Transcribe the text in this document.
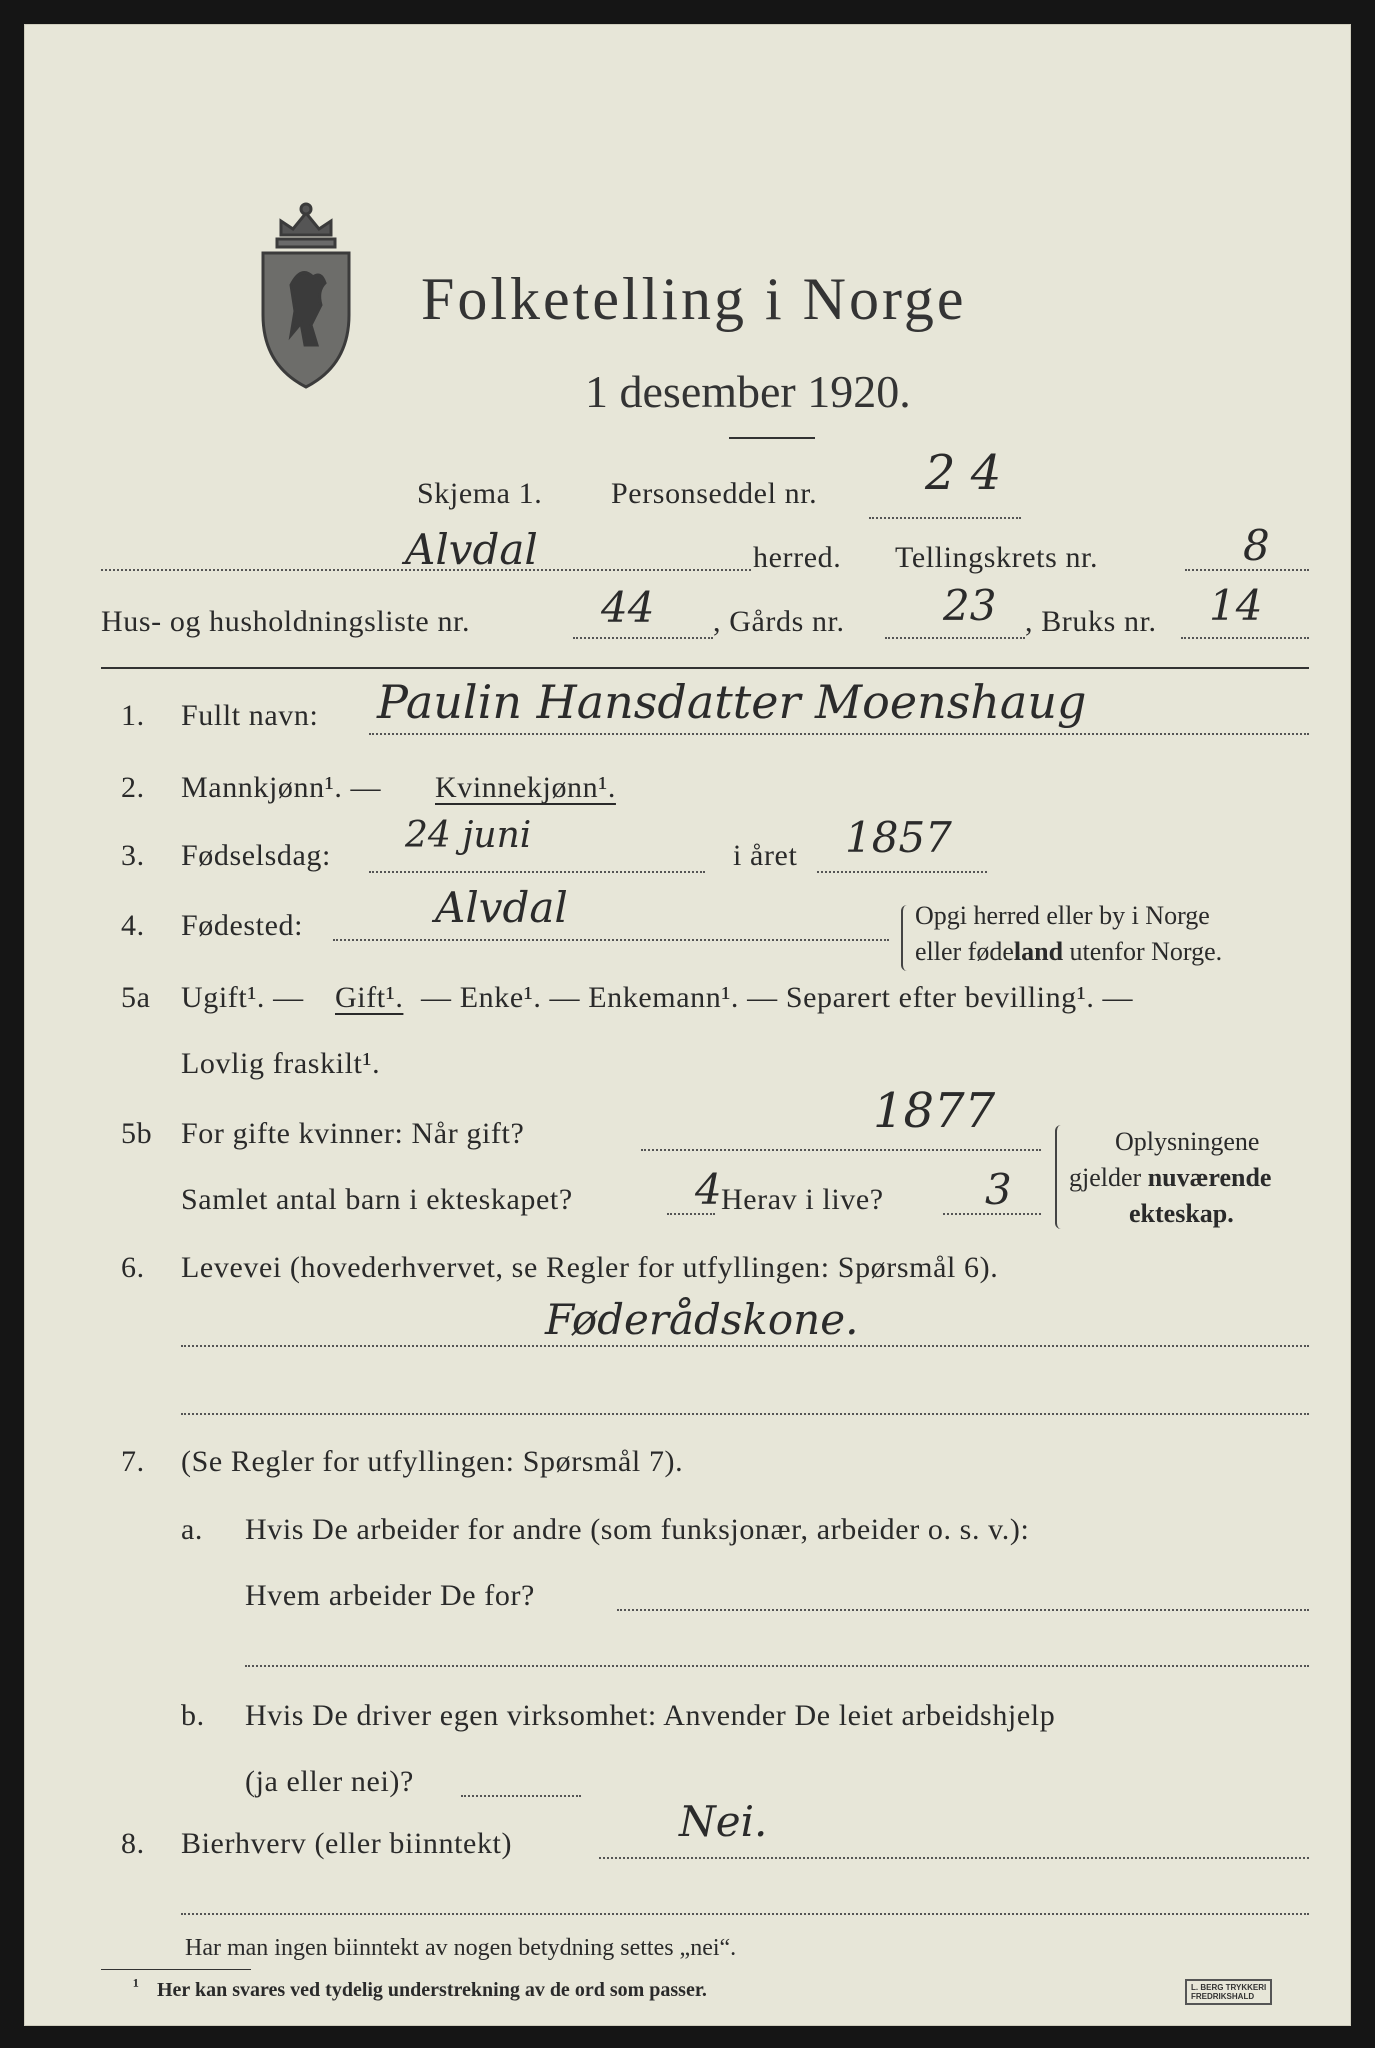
Folketelling i Norge
1 desember 1920.
Skjema 1. Personseddel nr. 2 4
Alvdal	herred. Tellingskrets nr.	8
Hus- og husholdningsliste nr.	44 , Gårds nr. 23 , Bruks nr. 14
1. Fullt navn: Paulin Hansdatter Moenshaug
2. Mannkjønn¹. — Kvinnekjønn¹.
3. Fødselsdag: 24 juni	i året 1857
4. Fødested:	Alvdal	Opgi herred eller by i Norge
eller fødeland utenfor Norge.
5a Ugift¹. — Gift¹. — Enke¹. — Enkemann¹. — Separert efter bevilling¹. —
Lovlig fraskilt¹.
5b For gifte kvinner: Når gift?	1877
Samlet antal barn i ekteskapet?	4 Herav i live? 3
Oplysningene
gjelder nuværende
ekteskap.
6. Levevei (hovederhvervet, se Regler for utfyllingen: Spørsmål 6).
Føderådskone.
7. (Se Regler for utfyllingen: Spørsmål 7).
a. Hvis De arbeider for andre (som funksjonær, arbeider o. s. v.):
Hvem arbeider De for?
b. Hvis De driver egen virksomhet: Anvender De leiet arbeidshjelp
(ja eller nei)?
8. Bierhverv (eller biinntekt)	Nei.
Har man ingen biinntekt av nogen betydning settes „nei“.
¹ Her kan svares ved tydelig understrekning av de ord som passer.	L. BERG TRYKKERI
FREDRIKSHALD
